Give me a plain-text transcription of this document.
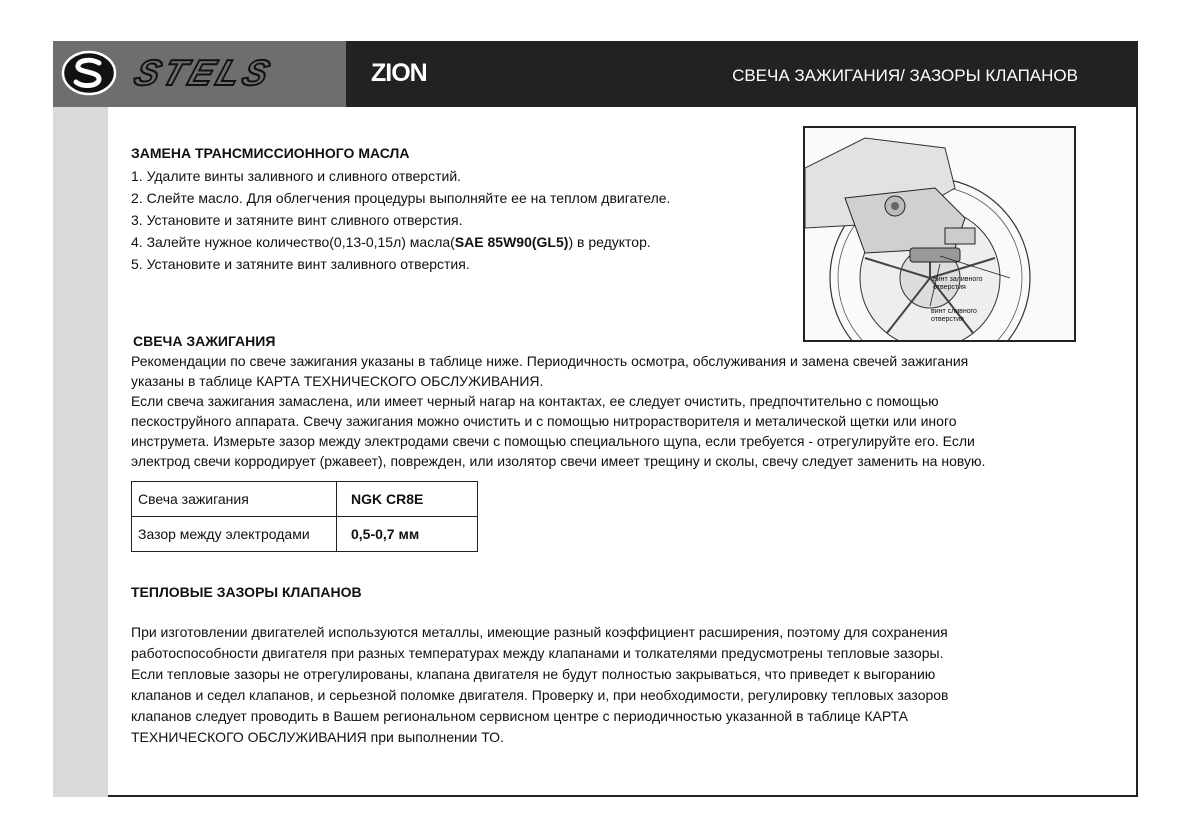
STELS	ZION	СВЕЧА ЗАЖИГАНИЯ/ ЗАЗОРЫ КЛАПАНОВ

ЗАМЕНА ТРАНСМИССИОННОГО МАСЛА

1. Удалите винты заливного и сливного отверстий.
2. Слейте масло. Для облегчения процедуры выполняйте ее на теплом двигателе.
3. Установите и затяните винт сливного отверстия.
4. Залейте нужное количество(0,13-0,15л) масла(SAE 85W90(GL5)) в редуктор.
5. Установите и затяните винт заливного отверстия.
винт заливного
отверстия
винт сливного
отверстия

СВЕЧА ЗАЖИГАНИЯ

Рекомендации по свече зажигания указаны в таблице ниже. Периодичность осмотра, обслуживания и замена свечей зажигания

указаны в таблице КАРТА ТЕХНИЧЕСКОГО ОБСЛУЖИВАНИЯ.

Если свеча зажигания замаслена, или имеет черный нагар на контактах, ее следует очистить, предпочтительно с помощью

пескоструйного аппарата. Свечу зажигания можно очистить и с помощью нитрорастворителя и металической щетки или иного

инструмета. Измерьте зазор между электродами свечи с помощью специального щупа, если требуется - отрегулируйте его. Если

электрод свечи корродирует (ржавеет), поврежден, или изолятор свечи имеет трещину и сколы, свечу следует заменить на новую.

Свеча зажигания	NGK CR8E
Зазор между электродами	0,5-0,7 мм

ТЕПЛОВЫЕ ЗАЗОРЫ КЛАПАНОВ

При изготовлении двигателей используются металлы, имеющие разный коэффициент расширения, поэтому для сохранения

работоспособности двигателя при разных температурах между клапанами и толкателями предусмотрены тепловые зазоры.

Если тепловые зазоры не отрегулированы, клапана двигателя не будут полностью закрываться, что приведет к выгоранию

клапанов и седел клапанов, и серьезной поломке двигателя. Проверку и, при необходимости, регулировку тепловых зазоров

клапанов следует проводить в Вашем региональном сервисном центре с периодичностью указанной в таблице КАРТА

ТЕХНИЧЕСКОГО ОБСЛУЖИВАНИЯ при выполнении ТО.
